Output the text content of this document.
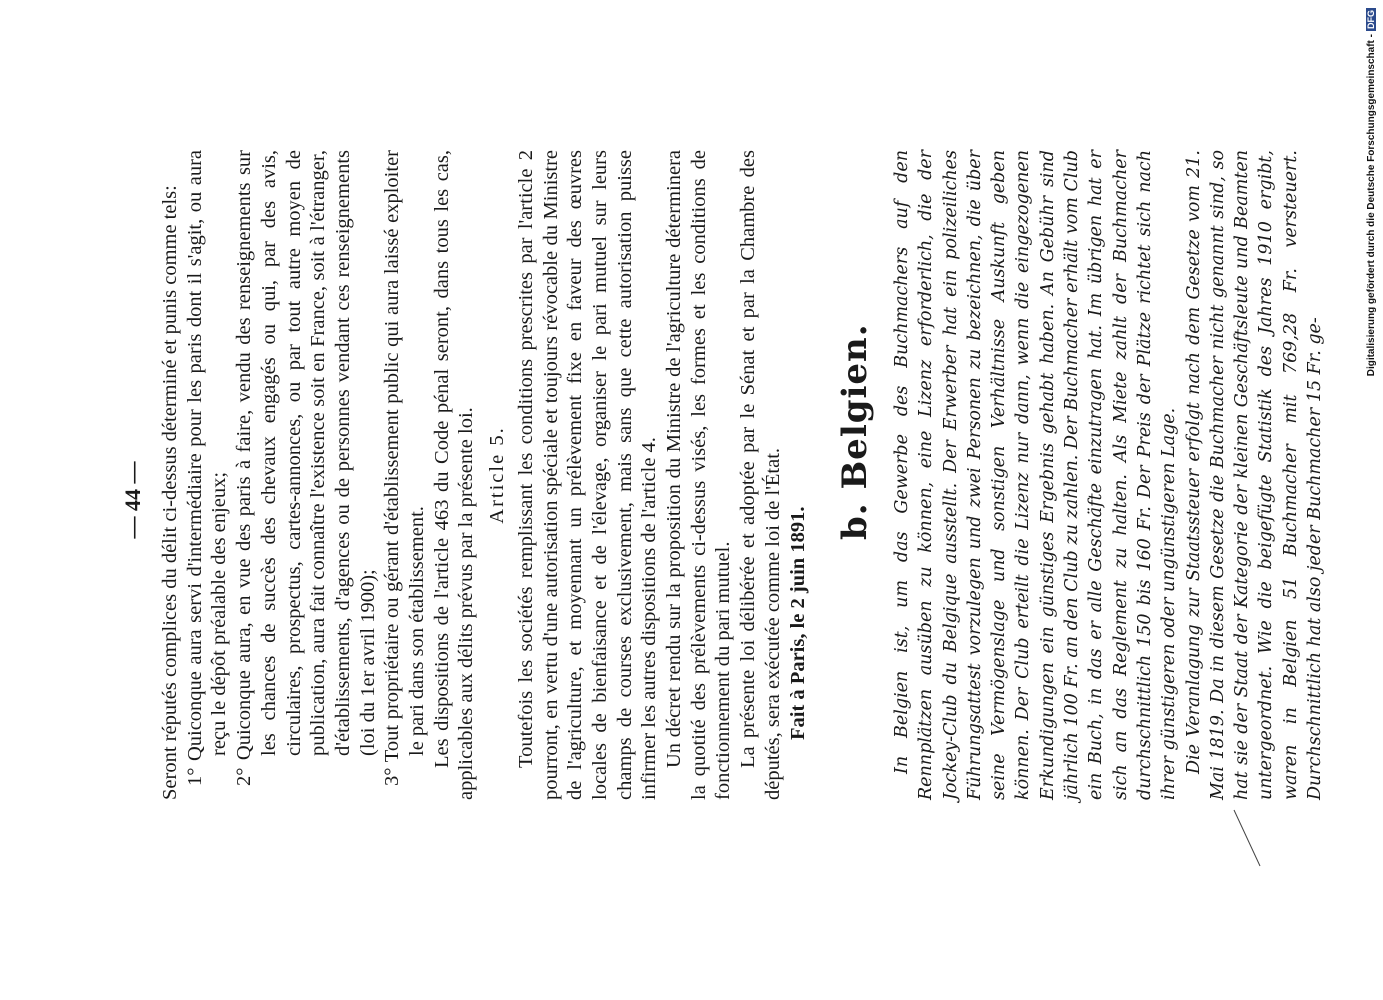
— 44 — Seront réputés complices du délit ci-dessus déterminé et punis comme tels: 1° Quiconque aura servi d'intermédiaire pour les paris dont il s'agit, ou aura reçu le dépôt préalable des enjeux; 2° Quiconque aura, en vue des paris à faire, vendu des renseignements sur les chances de succès des chevaux engagés ou qui, par des avis, circulaires, prospectus, cartes-annonces, ou par tout autre moyen de publication, aura fait connaître l'existence soit en France, soit à l'étranger, d'établissements, d'agences ou de personnes vendant ces renseignements (loi du 1er avril 1900); 3° Tout propriétaire ou gérant d'établissement public qui aura laissé exploiter le pari dans son établissement. Les dispositions de l'article 463 du Code pénal seront, dans tous les cas, applicables aux délits prévus par la présente loi. Article 5. Toutefois les sociétés remplissant les conditions prescrites par l'article 2 pourront, en vertu d'une autorisation spéciale et toujours révocable du Ministre de l'agriculture, et moyennant un prélèvement fixe en faveur des œuvres locales de bienfaisance et de l'élevage, organiser le pari mutuel sur leurs champs de courses exclusivement, mais sans que cette autorisation puisse infirmer les autres dispositions de l'article 4. Un décret rendu sur la proposition du Ministre de l'agriculture déterminera la quotité des prélèvements ci-dessus visés, les formes et les conditions de fonctionnement du pari mutuel. La présente loi délibérée et adoptée par le Sénat et par la Chambre des députés, sera exécutée comme loi de l'État. Fait à Paris, le 2 juin 1891.

b. Belgien. In Belgien ist, um das Gewerbe des Buchmachers auf den Rennplätzen ausüben zu können, eine Lizenz erforderlich, die der Jockey-Club du Belgique ausstellt. Der Erwerber hat ein polizeiliches Führungsattest vorzulegen und zwei Personen zu bezeichnen, die über seine Vermögenslage und sonstigen Verhältnisse Auskunft geben können. Der Club erteilt die Lizenz nur dann, wenn die eingezogenen Erkundigungen ein günstiges Ergebnis gehabt haben. An Gebühr sind jährlich 100 Fr. an den Club zu zahlen. Der Buchmacher erhält vom Club ein Buch, in das er alle Geschäfte einzutragen hat. Im übrigen hat er sich an das Reglement zu halten. Als Miete zahlt der Buchmacher durchschnittlich 150 bis 160 Fr. Der Preis der Plätze richtet sich nach ihrer günstigeren oder ungünstigeren Lage. Die Veranlagung zur Staatssteuer erfolgt nach dem Gesetze vom 21. Mai 1819. Da in diesem Gesetze die Buchmacher nicht genannt sind, so hat sie der Staat der Kategorie der kleinen Geschäftsleute und Beamten untergeordnet. Wie die beigefügte Statistik des Jahres 1910 ergibt, waren in Belgien 51 Buchmacher mit 769,28 Fr. versteuert. Durchschnittlich hat also jeder Buchmacher 15 Fr. ge-

Digitalisierung gefördert durch die Deutsche Forschungsgemeinschaft -DFG
